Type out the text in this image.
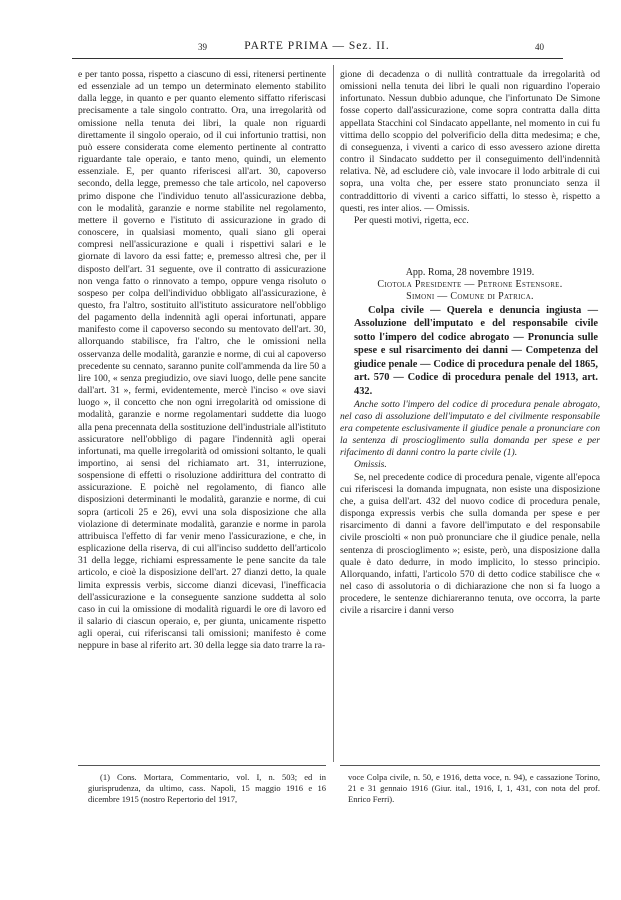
39	PARTE PRIMA — Sez. II.	40

e per tanto possa, rispetto a ciascuno di essi, ritenersi pertinente ed essenziale ad un tempo un determinato elemento stabilito dalla legge, in quanto e per quanto elemento siffatto riferiscasi precisamente a tale singolo contratto. Ora, una irregolarità od omissione nella tenuta dei libri, la quale non riguardi direttamente il singolo operaio, od il cui infortunio trattisi, non può essere considerata come elemento pertinente al contratto riguardante tale operaio, e tanto meno, quindi, un elemento essenziale. E, per quanto riferiscesi all'art. 30, capoverso secondo, della legge, premesso che tale articolo, nel capoverso primo dispone che l'individuo tenuto all'assicurazione debba, con le modalità, garanzie e norme stabilite nel regolamento, mettere il governo e l'istituto di assicurazione in grado di conoscere, in qualsiasi momento, quali siano gli operai compresi nell'assicurazione e quali i rispettivi salari e le giornate di lavoro da essi fatte; e, premesso altresì che, per il disposto dell'art. 31 seguente, ove il contratto di assicurazione non venga fatto o rinnovato a tempo, oppure venga risoluto o sospeso per colpa dell'individuo obbligato all'assicurazione, è questo, fra l'altro, sostituito all'istituto assicuratore nell'obbligo del pagamento della indennità agli operai infortunati, appare manifesto come il capoverso secondo su mentovato dell'art. 30, allorquando stabilisce, fra l'altro, che le omissioni nella osservanza delle modalità, garanzie e norme, di cui al capoverso precedente su cennato, saranno punite coll'ammenda da lire 50 a lire 100, « senza pregiudizio, ove siavi luogo, delle pene sancite dall'art. 31 », fermi, evidentemente, mercè l'inciso « ove siavi luogo », il concetto che non ogni irregolarità od omissione di modalità, garanzie e norme regolamentari suddette dia luogo alla pena precennata della sostituzione dell'industriale all'istituto assicuratore nell'obbligo di pagare l'indennità agli operai infortunati, ma quelle irregolarità od omissioni soltanto, le quali importino, ai sensi del richiamato art. 31, interruzione, sospensione di effetti o risoluzione addirittura del contratto di assicurazione. E poichè nel regolamento, di fianco alle disposizioni determinanti le modalità, garanzie e norme, di cui sopra (articoli 25 e 26), evvi una sola disposizione che alla violazione di determinate modalità, garanzie e norme in parola attribuisca l'effetto di far venir meno l'assicurazione, e che, in esplicazione della riserva, di cui all'inciso suddetto dell'articolo 31 della legge, richiami espressamente le pene sancite da tale articolo, e cioè la disposizione dell'art. 27 dianzi detto, la quale limita expressis verbis, siccome dianzi dicevasi, l'inefficacia dell'assicurazione e la conseguente sanzione suddetta al solo caso in cui la omissione di modalità riguardi le ore di lavoro ed il salario di ciascun operaio, e, per giunta, unicamente rispetto agli operai, cui riferiscansi tali omissioni; manifesto è come neppure in base al riferito art. 30 della legge sia dato trarre la ra-

gione di decadenza o di nullità contrattuale da irregolarità od omissioni nella tenuta dei libri le quali non riguardino l'operaio infortunato. Nessun dubbio adunque, che l'infortunato De Simone fosse coperto dall'assicurazione, come sopra contratta dalla ditta appellata Stacchini col Sindacato appellante, nel momento in cui fu vittima dello scoppio del polverificio della ditta medesima; e che, di conseguenza, i viventi a carico di esso avessero azione diretta contro il Sindacato suddetto per il conseguimento dell'indennità relativa. Nè, ad escludere ciò, vale invocare il lodo arbitrale di cui sopra, una volta che, per essere stato pronunciato senza il contraddittorio di viventi a carico siffatti, lo stesso è, rispetto a questi, res inter alios. — Omissis.

Per questi motivi, rigetta, ecc.

App. Roma, 28 novembre 1919.
Ciotola Presidente — Petrone Estensore.
Simoni — Comune di Patrica.

Colpa civile — Querela e denuncia ingiusta — Assoluzione dell'imputato e del responsabile civile sotto l'impero del codice abrogato — Pronuncia sulle spese e sul risarcimento dei danni — Competenza del giudice penale — Codice di procedura penale del 1865, art. 570 — Codice di procedura penale del 1913, art. 432.

Anche sotto l'impero del codice di procedura penale abrogato, nel caso di assoluzione dell'imputato e del civilmente responsabile era competente esclusivamente il giudice penale a pronunciare con la sentenza di proscioglimento sulla domanda per spese e per rifacimento di danni contro la parte civile (1).

Omissis.

Se, nel precedente codice di procedura penale, vigente all'epoca cui riferiscesi la domanda impugnata, non esiste una disposizione che, a guisa dell'art. 432 del nuovo codice di procedura penale, disponga expressis verbis che sulla domanda per spese e per risarcimento di danni a favore dell'imputato e del responsabile civile prosciolti « non può pronunciare che il giudice penale, nella sentenza di proscioglimento »; esiste, però, una disposizione dalla quale è dato dedurre, in modo implicito, lo stesso principio. Allorquando, infatti, l'articolo 570 di detto codice stabilisce che « nel caso di assolutoria o di dichiarazione che non si fa luogo a procedere, le sentenze dichiareranno tenuta, ove occorra, la parte civile a risarcire i danni verso

(1) Cons. Mortara, Commentario, vol. I, n. 503; ed in giurisprudenza, da ultimo, cass. Napoli, 15 maggio 1916 e 16 dicembre 1915 (nostro Repertorio del 1917,
voce Colpa civile, n. 50, e 1916, detta voce, n. 94), e cassazione Torino, 21 e 31 gennaio 1916 (Giur. ital., 1916, I, 1, 431, con nota del prof. Enrico Ferri).
